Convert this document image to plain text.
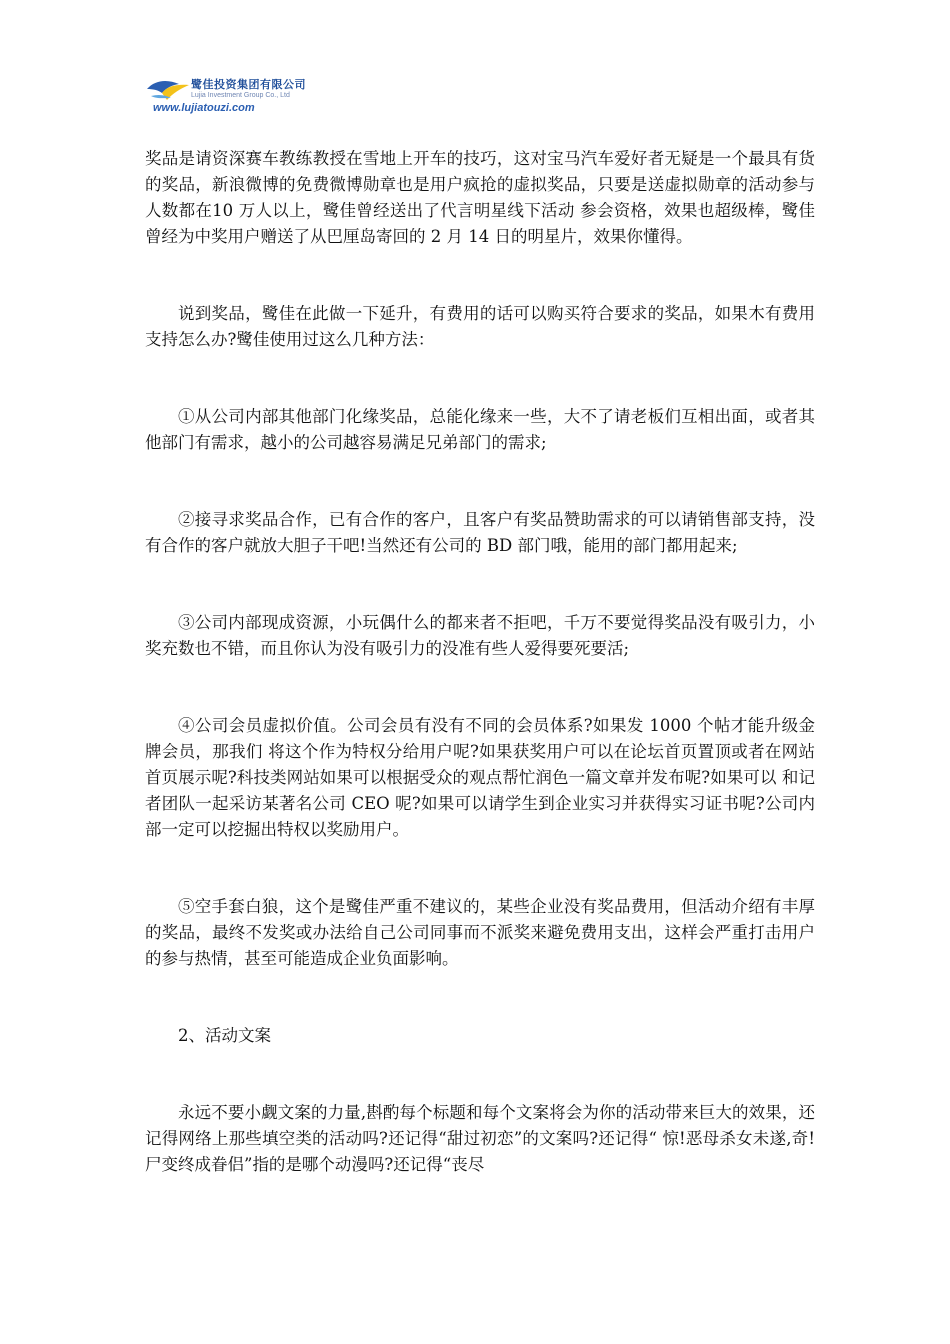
鹭佳投资集团有限公司
Lujia Investment Group Co., Ltd
www.lujiatouzi.com

奖品是请资深赛车教练教授在雪地上开车的技巧，这对宝马汽车爱好者无疑是一个最具有货的奖品，新浪微博的免费微博勋章也是用户疯抢的虚拟奖品，只要是送虚拟勋章的活动参与人数都在10 万人以上，鹭佳曾经送出了代言明星线下活动 参会资格，效果也超级棒，鹭佳曾经为中奖用户赠送了从巴厘岛寄回的 2 月 14 日的明星片，效果你懂得。

说到奖品，鹭佳在此做一下延升，有费用的话可以购买符合要求的奖品，如果木有费用支持怎么办?鹭佳使用过这么几种方法：

①从公司内部其他部门化缘奖品，总能化缘来一些，大不了请老板们互相出面，或者其他部门有需求，越小的公司越容易满足兄弟部门的需求;

②接寻求奖品合作，已有合作的客户，且客户有奖品赞助需求的可以请销售部支持，没有合作的客户就放大胆子干吧!当然还有公司的 BD 部门哦，能用的部门都用起来;

③公司内部现成资源，小玩偶什么的都来者不拒吧，千万不要觉得奖品没有吸引力，小奖充数也不错，而且你认为没有吸引力的没准有些人爱得要死要活;

④公司会员虚拟价值。公司会员有没有不同的会员体系?如果发 1000 个帖才能升级金牌会员，那我们 将这个作为特权分给用户呢?如果获奖用户可以在论坛首页置顶或者在网站首页展示呢?科技类网站如果可以根据受众的观点帮忙润色一篇文章并发布呢?如果可以 和记者团队一起采访某著名公司 CEO 呢?如果可以请学生到企业实习并获得实习证书呢?公司内部一定可以挖掘出特权以奖励用户。

⑤空手套白狼，这个是鹭佳严重不建议的，某些企业没有奖品费用，但活动介绍有丰厚的奖品，最终不发奖或办法给自己公司同事而不派奖来避免费用支出，这样会严重打击用户的参与热情，甚至可能造成企业负面影响。

2、活动文案

永远不要小觑文案的力量,斟酌每个标题和每个文案将会为你的活动带来巨大的效果，还记得网络上那些填空类的活动吗?还记得“甜过初恋”的文案吗?还记得“ 惊!恶母杀女未遂,奇!尸变终成眷侣”指的是哪个动漫吗?还记得“丧尽
